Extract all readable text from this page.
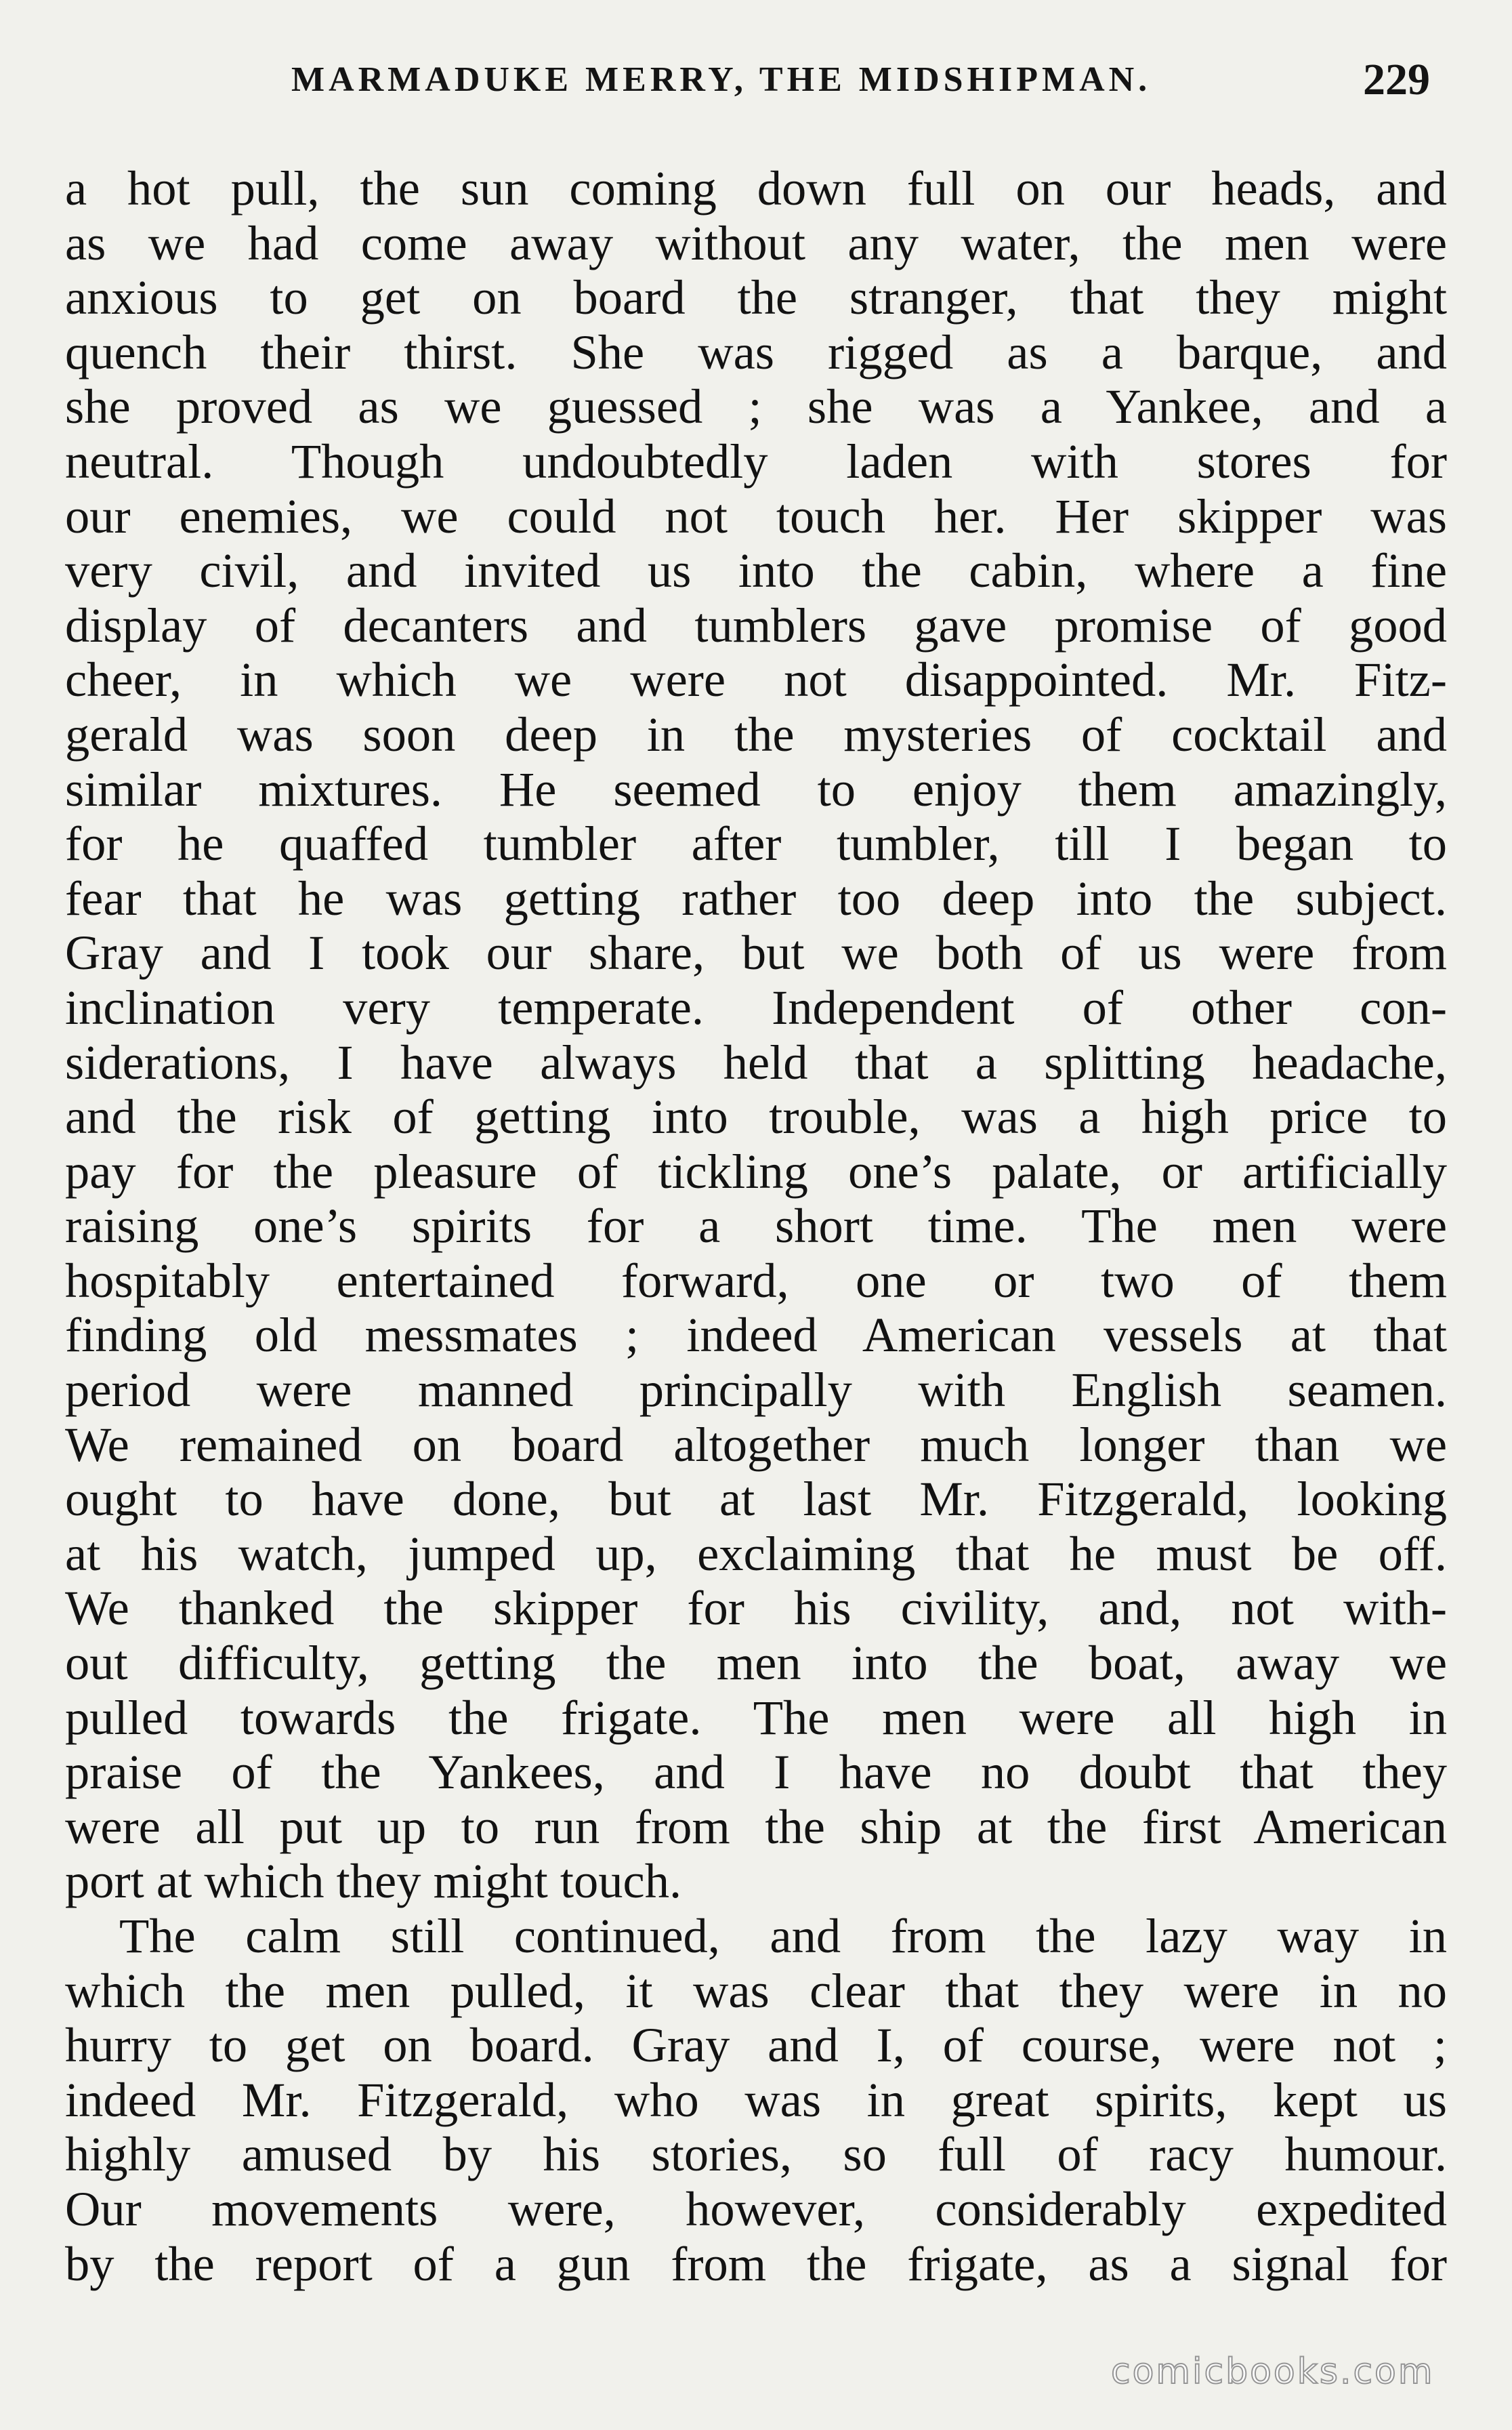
MARMADUKE MERRY, THE MIDSHIPMAN.	229
a hot pull, the sun coming down full on our heads, and
as we had come away without any water, the men were
anxious to get on board the stranger, that they might
quench their thirst. She was rigged as a barque, and
she proved as we guessed ; she was a Yankee, and a
neutral. Though undoubtedly laden with stores for
our enemies, we could not touch her. Her skipper was
very civil, and invited us into the cabin, where a fine
display of decanters and tumblers gave promise of good
cheer, in which we were not disappointed. Mr. Fitz-
gerald was soon deep in the mysteries of cocktail and
similar mixtures. He seemed to enjoy them amazingly,
for he quaffed tumbler after tumbler, till I began to
fear that he was getting rather too deep into the subject.
Gray and I took our share, but we both of us were from
inclination very temperate. Independent of other con-
siderations, I have always held that a splitting headache,
and the risk of getting into trouble, was a high price to
pay for the pleasure of tickling one’s palate, or artificially
raising one’s spirits for a short time. The men were
hospitably entertained forward, one or two of them
finding old messmates ; indeed American vessels at that
period were manned principally with English seamen.
We remained on board altogether much longer than we
ought to have done, but at last Mr. Fitzgerald, looking
at his watch, jumped up, exclaiming that he must be off.
We thanked the skipper for his civility, and, not with-
out difficulty, getting the men into the boat, away we
pulled towards the frigate. The men were all high in
praise of the Yankees, and I have no doubt that they
were all put up to run from the ship at the first American
port at which they might touch.
The calm still continued, and from the lazy way in
which the men pulled, it was clear that they were in no
hurry to get on board. Gray and I, of course, were not ;
indeed Mr. Fitzgerald, who was in great spirits, kept us
highly amused by his stories, so full of racy humour.
Our movements were, however, considerably expedited
by the report of a gun from the frigate, as a signal for
comicbooks.com
